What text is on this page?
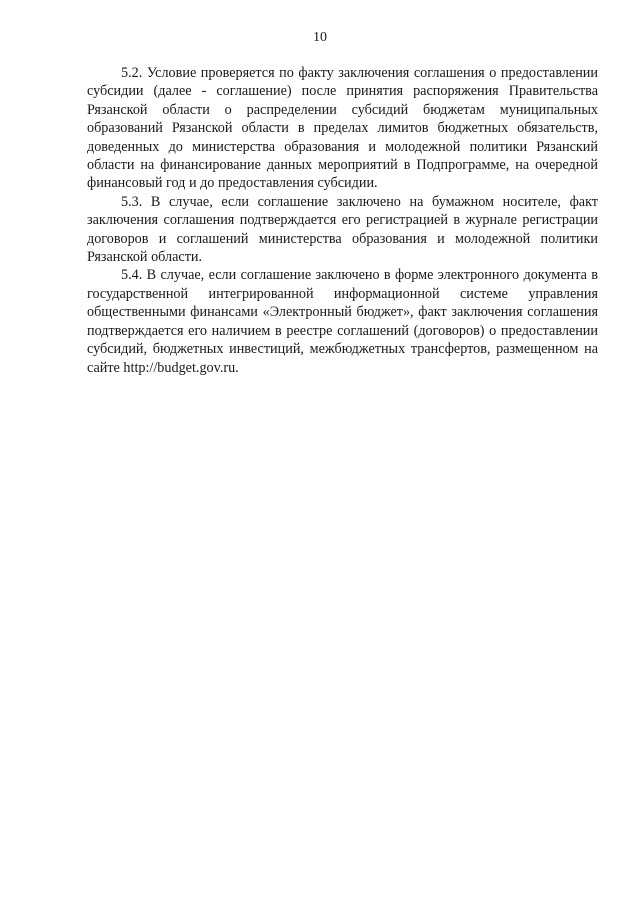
10

5.2. Условие проверяется по факту заключения соглашения о предоставлении субсидии (далее - соглашение) после принятия распоряжения Правительства Рязанской области о распределении субсидий бюджетам муниципальных образований Рязанской области в пределах лимитов бюджетных обязательств, доведенных до министерства образования и молодежной политики Рязанский области на финансирование данных мероприятий в Подпрограмме, на очередной финансовый год и до предоставления субсидии.

5.3. В случае, если соглашение заключено на бумажном носителе, факт заключения соглашения подтверждается его регистрацией в журнале регистрации договоров и соглашений министерства образования и молодежной политики Рязанской области.

5.4. В случае, если соглашение заключено в форме электронного документа в государственной интегрированной информационной системе управления общественными финансами «Электронный бюджет», факт заключения соглашения подтверждается его наличием в реестре соглашений (договоров) о предоставлении субсидий, бюджетных инвестиций, межбюджетных трансфертов, размещенном на сайте http://budget.gov.ru.
